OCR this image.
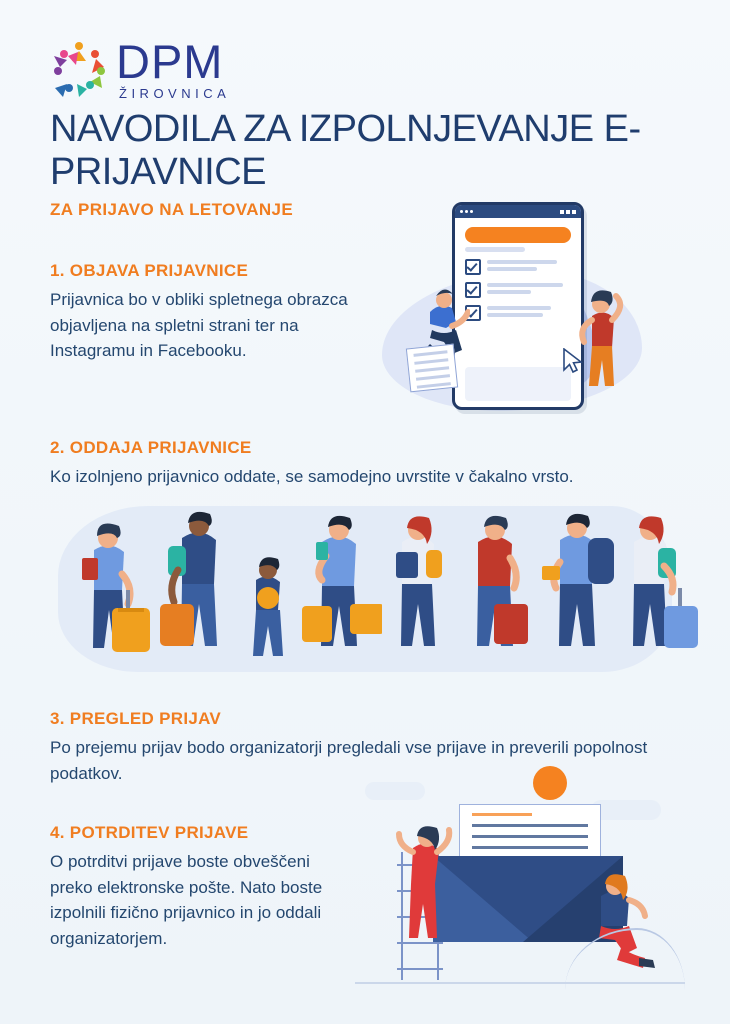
DPM
ŽIROVNICA
NAVODILA ZA IZPOLNJEVANJE E-PRIJAVNICE
ZA PRIJAVO NA LETOVANJE
1. OBJAVA PRIJAVNICE
Prijavnica bo v obliki spletnega obrazca objavljena na spletni strani ter na Instagramu in Facebooku.
2. ODDAJA PRIJAVNICE
Ko izolnjeno prijavnico oddate, se samodejno uvrstite v čakalno vrsto.
3. PREGLED PRIJAV
Po prejemu prijav bodo organizatorji pregledali vse prijave in preverili popolnost podatkov.
4. POTRDITEV PRIJAVE
O potrditvi prijave boste obveščeni preko elektronske pošte. Nato boste izpolnili fizično prijavnico in jo oddali organizatorjem.
